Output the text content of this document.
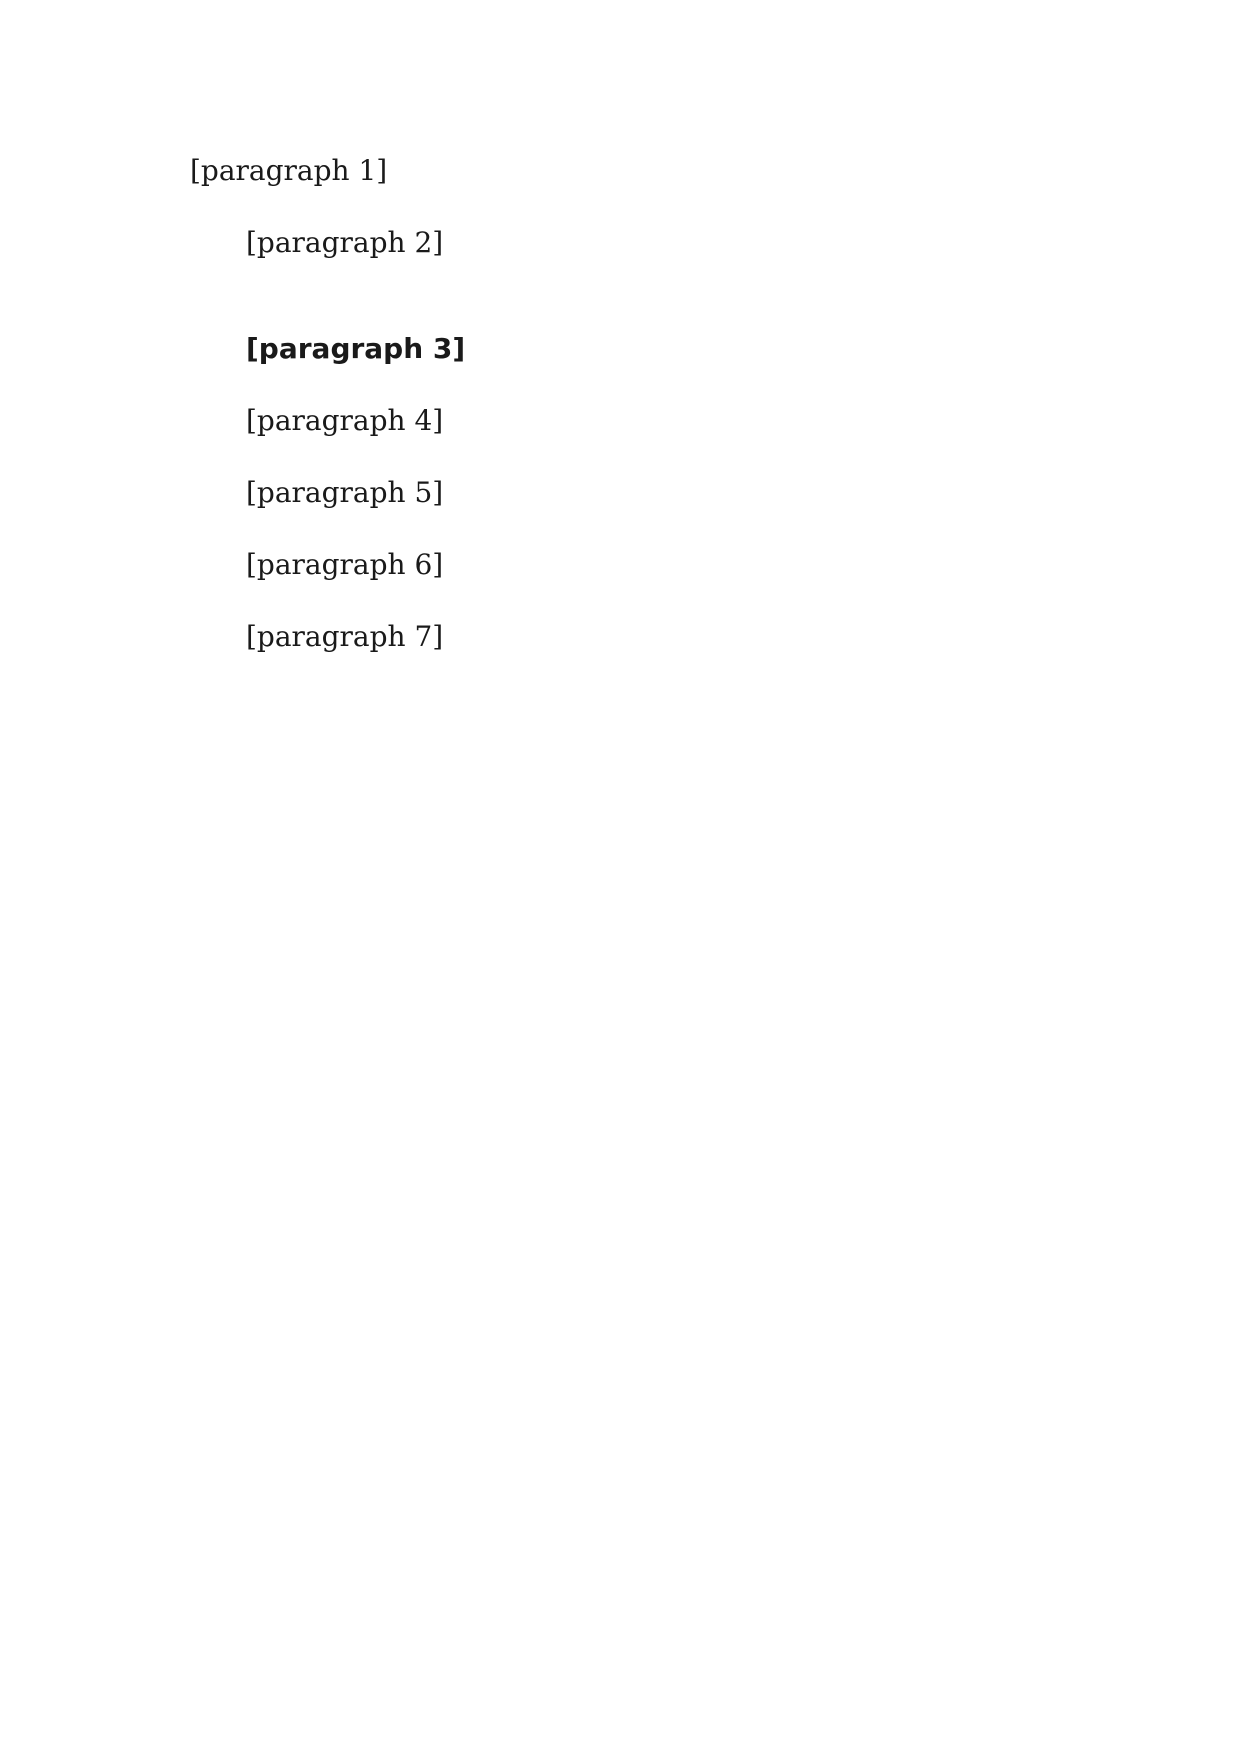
[paragraph 1]

[paragraph 2]

[paragraph 3]

[paragraph 4]

[paragraph 5]

[paragraph 6]

[paragraph 7]
